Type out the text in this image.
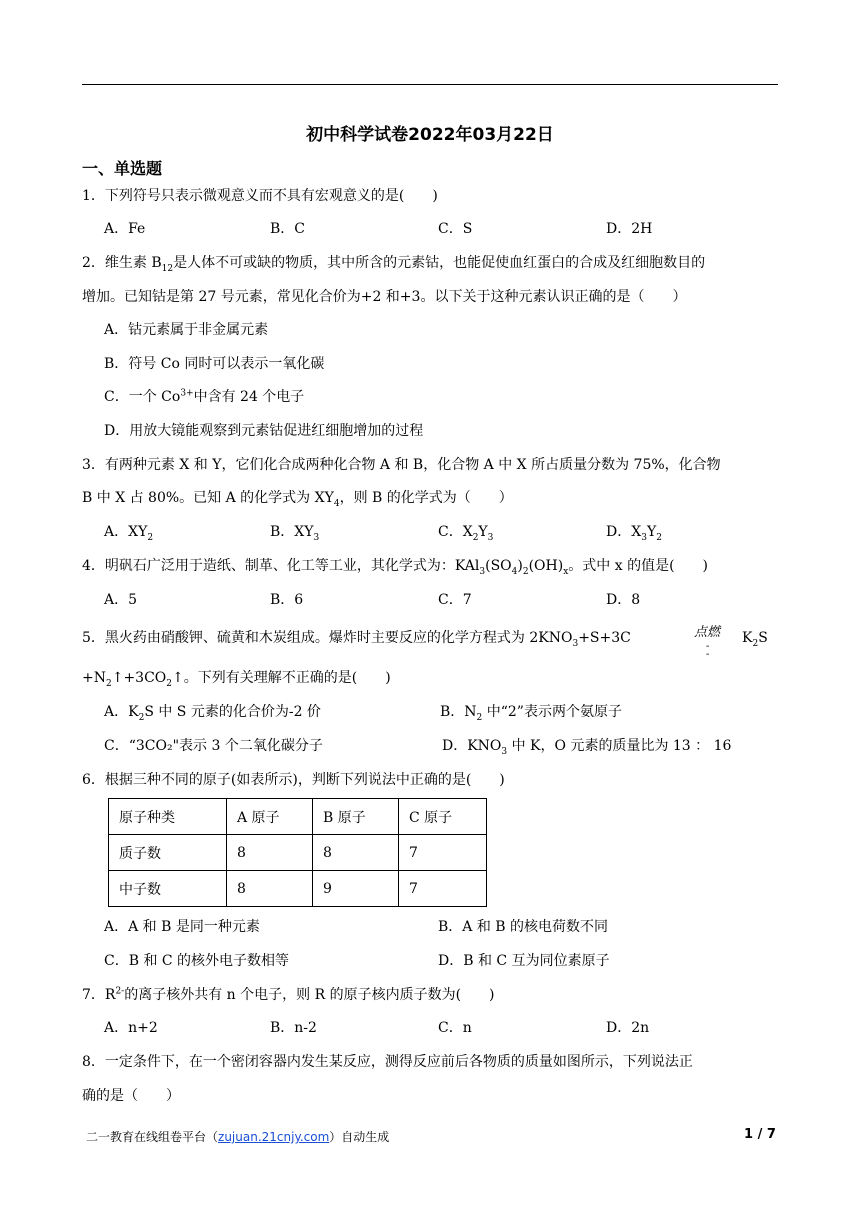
初中科学试卷2022年03月22日
一、单选题
1．下列符号只表示微观意义而不具有宏观意义的是(　　)
A．Fe	B．C	C．S	D．2H
2．维生素 $B_{12}$是人体不可或缺的物质，其中所含的元素钴，也能促使血红蛋白的合成及红细胞数目的
增加。已知钴是第 27 号元素，常见化合价为+2 和+3。以下关于这种元素认识正确的是（　　）
A．钴元素属于非金属元素
B．符号 Co 同时可以表示一氧化碳
C．一个 $Co^{3+}$中含有 24 个电子
D．用放大镜能观察到元素钴促进红细胞增加的过程
3．有两种元素 X 和 Y，它们化合成两种化合物 A 和 B，化合物 A 中 X 所占质量分数为 75%，化合物
B 中 X 占 80%。已知 A 的化学式为 $XY_4$，则 B 的化学式为（　　）
A．$XY_2$	B．$XY_3$	C．$X_2Y_3$	D．$X_3Y_2$
4．明矾石广泛用于造纸、制革、化工等工业，其化学式为：$KAl_3(SO_4)_2(OH)_x$。式中 x 的值是(　　)
A．5	B．6	C．7	D．8
5．黑火药由硝酸钾、硫黄和木炭组成。爆炸时主要反应的化学方程式为 $2KNO_3+S+3C$	点燃
-
-
$K_2S$
$+N_2↑+3CO_2↑$。下列有关理解不正确的是(　　)
A．$K_2S$ 中 S 元素的化合价为-2 价	B．$N_2$ 中“2”表示两个氨原子
C．“3CO₂"表示 3 个二氧化碳分子	D．$KNO_3$ 中 K，O 元素的质量比为 13 ： 16
6．根据三种不同的原子(如表所示)，判断下列说法中正确的是(　　)
原子种类	A 原子	B 原子	C 原子
质子数	8	8	7
中子数	8	9	7
A．A 和 B 是同一种元素	B．A 和 B 的核电荷数不同
C．B 和 C 的核外电子数相等	D．B 和 C 互为同位素原子
7．$R^{2-}$的离子核外共有 n 个电子，则 R 的原子核内质子数为(　　)
A．n+2	B．n-2	C．n	D．2n
8．一定条件下，在一个密闭容器内发生某反应，测得反应前后各物质的质量如图所示，下列说法正
确的是（　　）
二一教育在线组卷平台（zujuan.21cnjy.com）自动生成	1 / 7
